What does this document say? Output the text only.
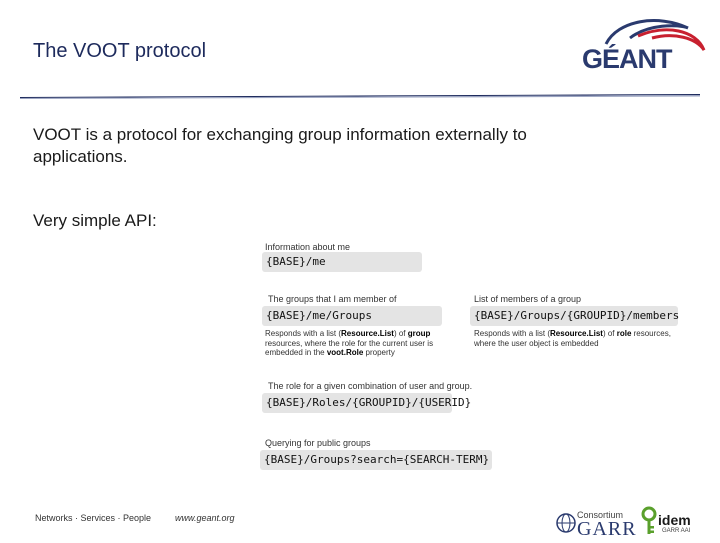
The VOOT protocol	GÉANT
VOOT is a protocol for exchanging group information externally to applications.
Very simple API:
Information about me
{BASE}/me
The groups that I am member of
{BASE}/me/Groups
Responds with a list (Resource.List) of group resources, where the role for the current user is embedded in the voot.Role property
List of members of a group
{BASE}/Groups/{GROUPID}/members
Responds with a list (Resource.List) of role resources, where the user object is embedded
The role for a given combination of user and group.
{BASE}/Roles/{GROUPID}/{USERID}
Querying for public groups
{BASE}/Groups?search={SEARCH-TERM}
Networks · Services · People	www.geant.org	Consortium
GARR idem
GARR AAI
